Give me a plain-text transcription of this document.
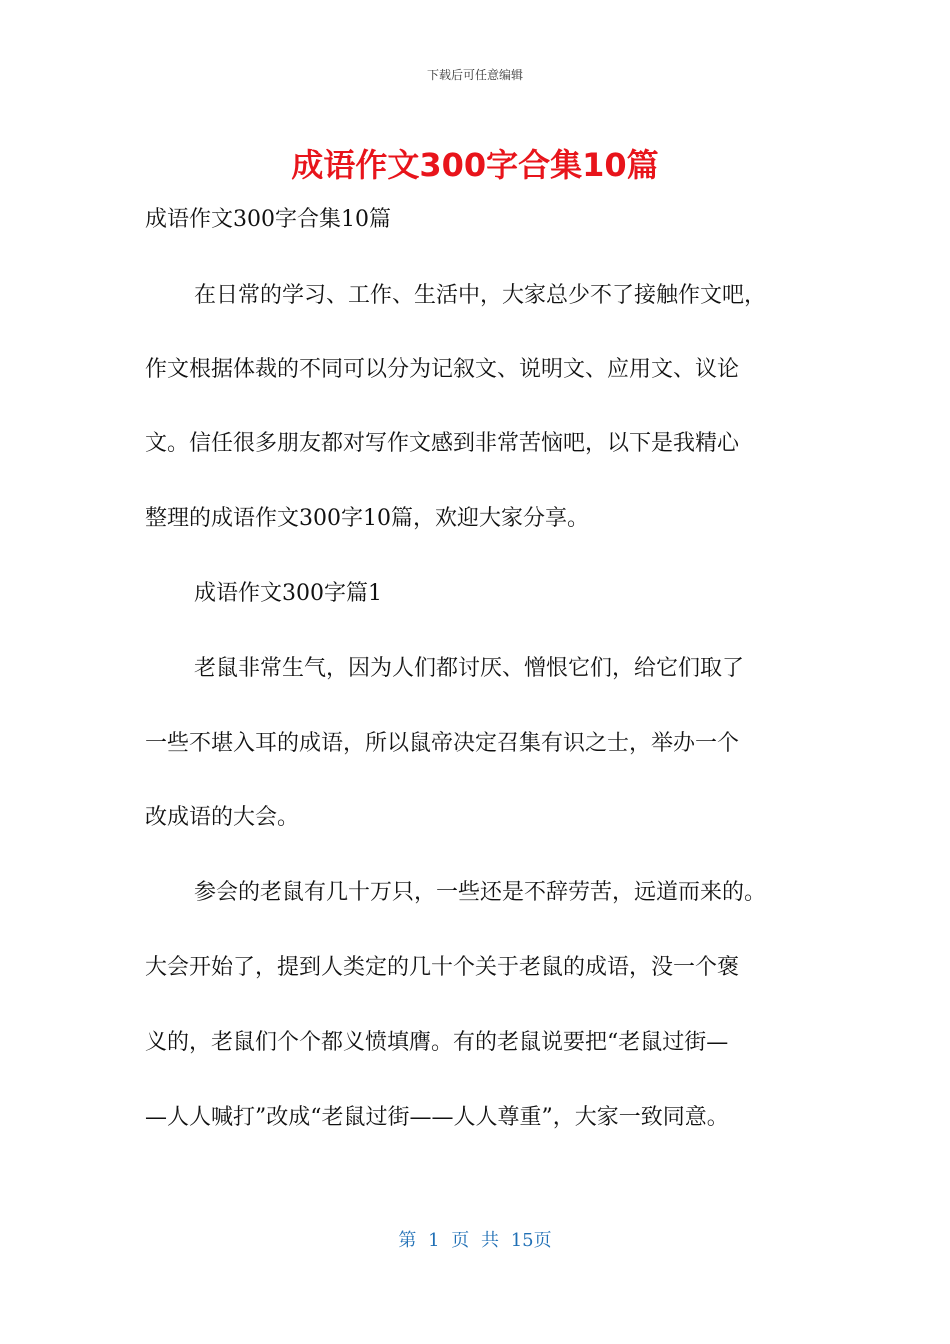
下载后可任意编辑
成语作文300字合集10篇
成语作文300字合集10篇
在日常的学习、工作、生活中，大家总少不了接触作文吧，
作文根据体裁的不同可以分为记叙文、说明文、应用文、议论
文。信任很多朋友都对写作文感到非常苦恼吧，以下是我精心
整理的成语作文300字10篇，欢迎大家分享。
成语作文300字篇1
老鼠非常生气，因为人们都讨厌、憎恨它们，给它们取了
一些不堪入耳的成语，所以鼠帝决定召集有识之士，举办一个
改成语的大会。
参会的老鼠有几十万只，一些还是不辞劳苦，远道而来的。
大会开始了，提到人类定的几十个关于老鼠的成语，没一个褒
义的，老鼠们个个都义愤填膺。有的老鼠说要把“老鼠过街—
—人人喊打”改成“老鼠过街——人人尊重”，大家一致同意。
第 1 页 共 15页
